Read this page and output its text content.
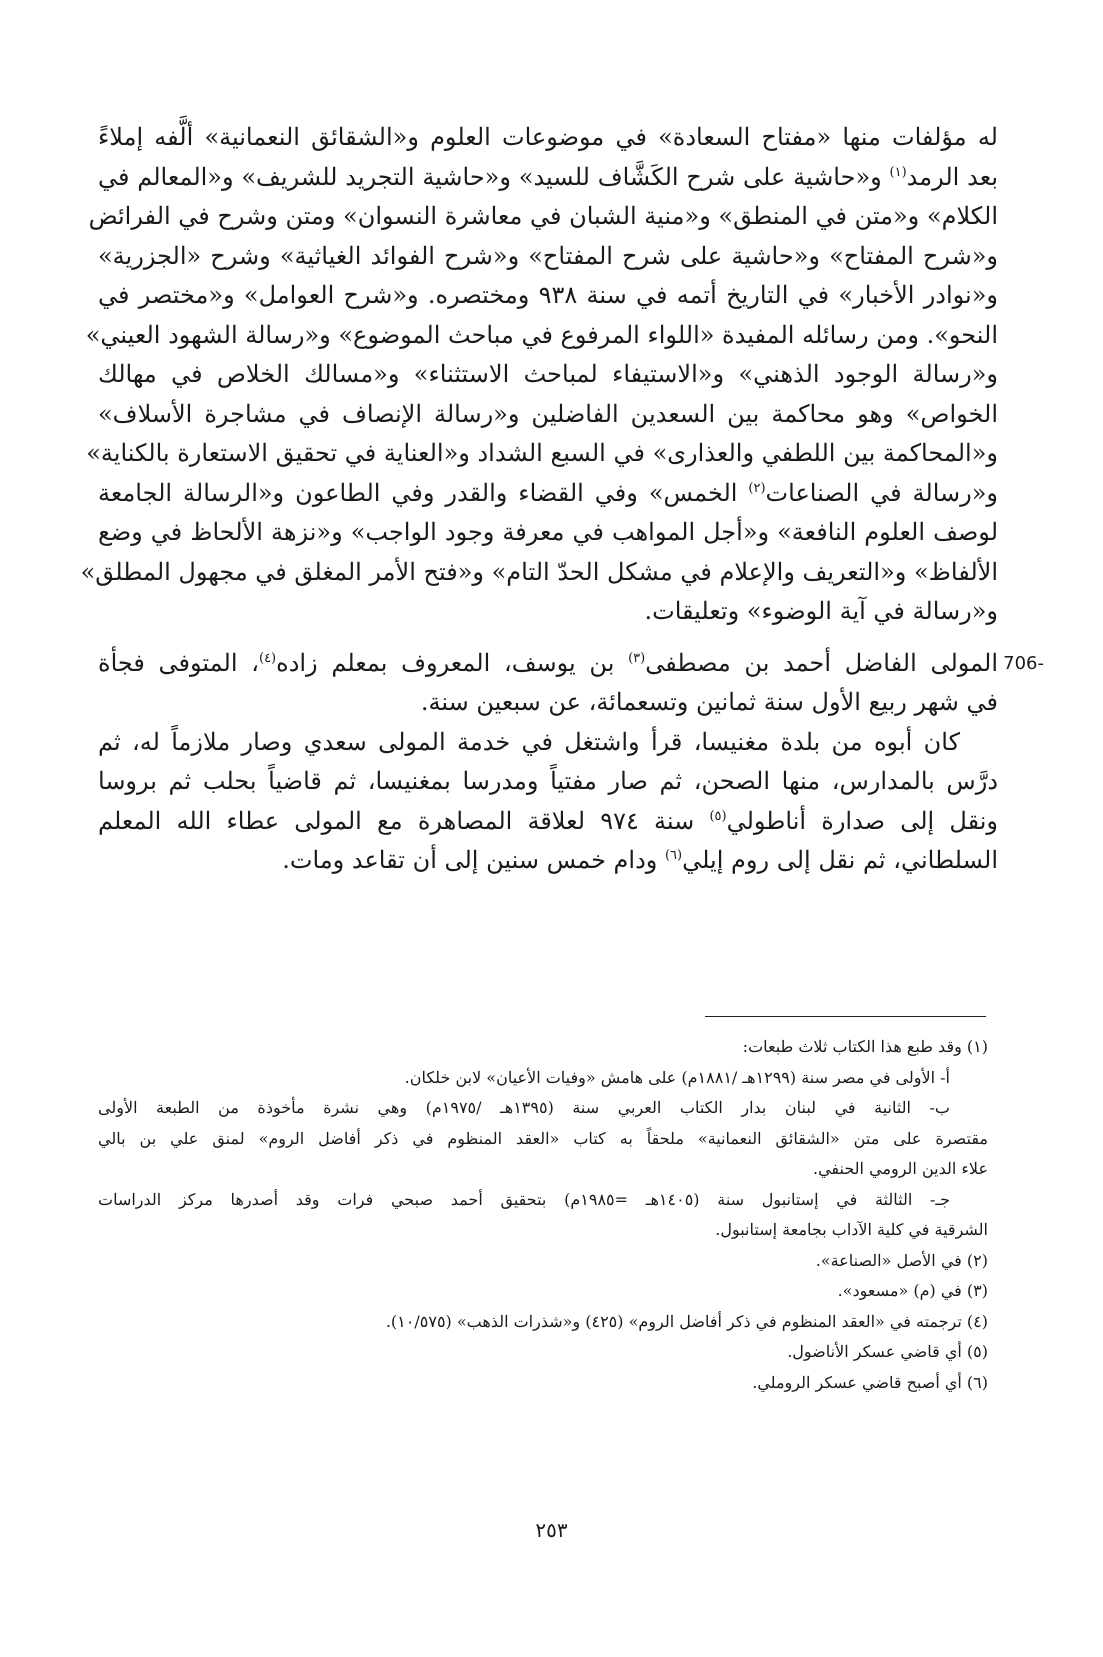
له مؤلفات منها «مفتاح السعادة» في موضوعات العلوم و«الشقائق النعمانية» ألَّفه إملاءً
بعد الرمد$^{(١)}$ و«حاشية على شرح الكَشَّاف للسيد» و«حاشية التجريد للشريف» و«المعالم في
الكلام» و«متن في المنطق» و«منية الشبان في معاشرة النسوان» ومتن وشرح في الفرائض
و«شرح المفتاح» و«حاشية على شرح المفتاح» و«شرح الفوائد الغياثية» وشرح «الجزرية»
و«نوادر الأخبار» في التاريخ أتمه في سنة ٩٣٨ ومختصره. و«شرح العوامل» و«مختصر في
النحو». ومن رسائله المفيدة «اللواء المرفوع في مباحث الموضوع» و«رسالة الشهود العيني»
و«رسالة الوجود الذهني» و«الاستيفاء لمباحث الاستثناء» و«مسالك الخلاص في مهالك
الخواص» وهو محاكمة بين السعدين الفاضلين و«رسالة الإنصاف في مشاجرة الأسلاف»
و«المحاكمة بين اللطفي والعذارى» في السبع الشداد و«العناية في تحقيق الاستعارة بالكناية»
و«رسالة في الصناعات$^{(٢)}$ الخمس» وفي القضاء والقدر وفي الطاعون و«الرسالة الجامعة
لوصف العلوم النافعة» و«أجل المواهب في معرفة وجود الواجب» و«نزهة الألحاظ في وضع
الألفاظ» و«التعريف والإعلام في مشكل الحدّ التام» و«فتح الأمر المغلق في مجهول المطلق»
و«رسالة في آية الوضوء» وتعليقات.
706-
المولى الفاضل أحمد بن مصطفى$^{(٣)}$ بن يوسف، المعروف بمعلم زاده$^{(٤)}$، المتوفى فجأة
في شهر ربيع الأول سنة ثمانين وتسعمائة، عن سبعين سنة.
كان أبوه من بلدة مغنيسا، قرأ واشتغل في خدمة المولى سعدي وصار ملازماً له، ثم
درَّس بالمدارس، منها الصحن، ثم صار مفتياً ومدرسا بمغنيسا، ثم قاضياً بحلب ثم بروسا
ونقل إلى صدارة أناطولي$^{(٥)}$ سنة ٩٧٤ لعلاقة المصاهرة مع المولى عطاء الله المعلم
السلطاني، ثم نقل إلى روم إيلي$^{(٦)}$ ودام خمس سنين إلى أن تقاعد ومات.
(١) وقد طبع هذا الكتاب ثلاث طبعات:
أ- الأولى في مصر سنة (١٢٩٩هـ /١٨٨١م) على هامش «وفيات الأعيان» لابن خلكان.
ب- الثانية في لبنان بدار الكتاب العربي سنة (١٣٩٥هـ /١٩٧٥م) وهي نشرة مأخوذة من الطبعة الأولى
مقتصرة على متن «الشقائق النعمانية» ملحقاً به كتاب «العقد المنظوم في ذكر أفاضل الروم» لمنق علي بن بالي
علاء الدين الرومي الحنفي.
جـ- الثالثة في إستانبول سنة (١٤٠٥هـ =١٩٨٥م) بتحقيق أحمد صبحي فرات وقد أصدرها مركز الدراسات
الشرقية في كلية الآداب بجامعة إستانبول.
(٢) في الأصل «الصناعة».
(٣) في (م) «مسعود».
(٤) ترجمته في «العقد المنظوم في ذكر أفاضل الروم» (٤٢٥) و«شذرات الذهب» (١٠/٥٧٥).
(٥) أي قاضي عسكر الأناضول.
(٦) أي أصبح قاضي عسكر الروملي.
٢٥٣
